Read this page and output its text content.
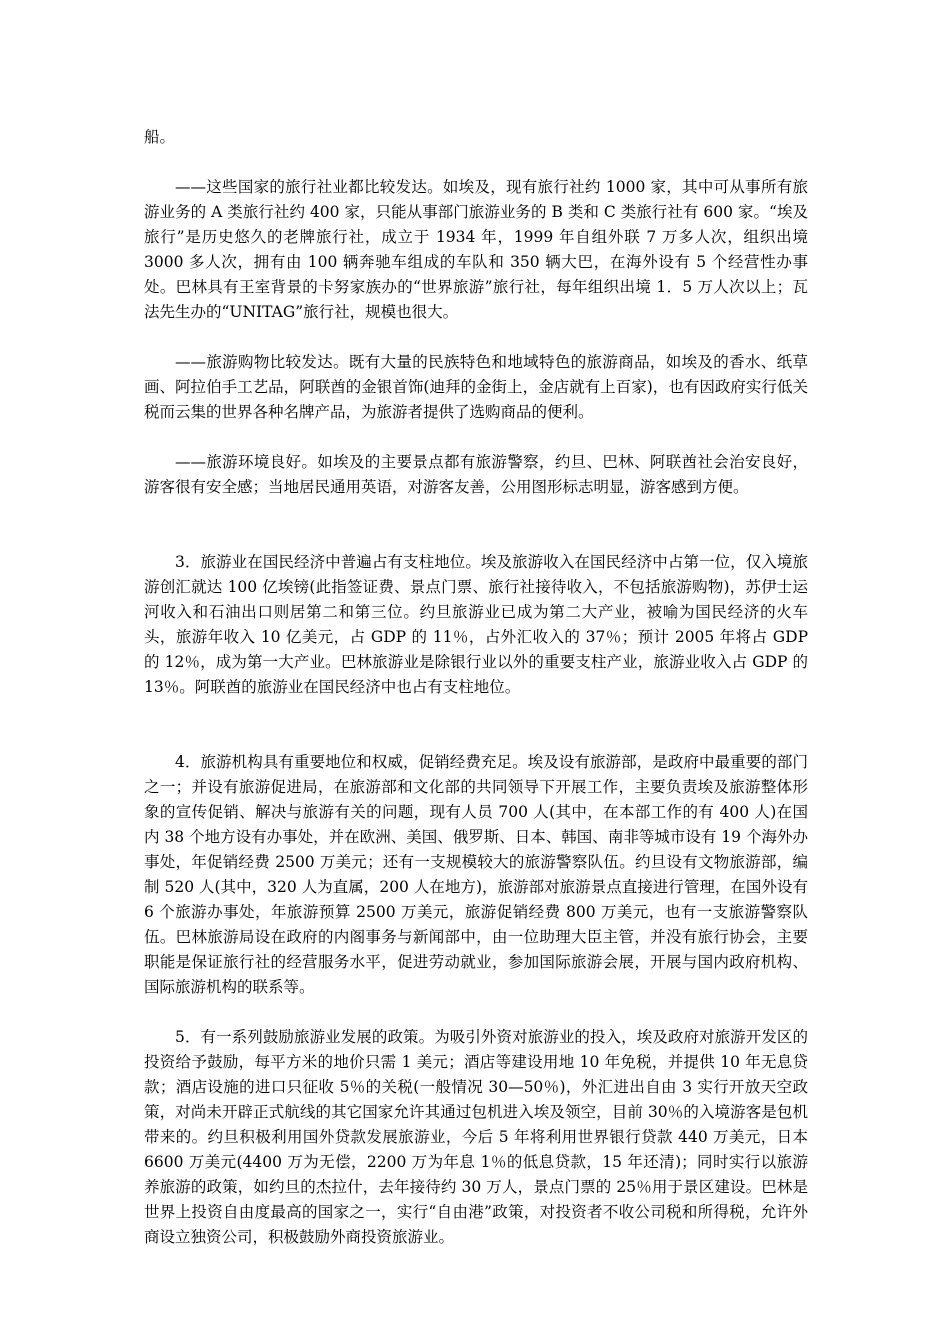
船。

——这些国家的旅行社业都比较发达。如埃及，现有旅行社约 1000 家，其中可从事所有旅游业务的 A 类旅行社约 400 家，只能从事部门旅游业务的 B 类和 C 类旅行社有 600 家。“埃及旅行”是历史悠久的老牌旅行社，成立于 1934 年，1999 年自组外联 7 万多人次，组织出境 3000 多人次，拥有由 100 辆奔驰车组成的车队和 350 辆大巴，在海外设有 5 个经营性办事处。巴林具有王室背景的卡努家族办的“世界旅游”旅行社，每年组织出境 1．5 万人次以上；瓦法先生办的“UNITAG”旅行社，规模也很大。

——旅游购物比较发达。既有大量的民族特色和地域特色的旅游商品，如埃及的香水、纸草画、阿拉伯手工艺品，阿联酋的金银首饰(迪拜的金街上，金店就有上百家)，也有因政府实行低关税而云集的世界各种名牌产品，为旅游者提供了选购商品的便利。

——旅游环境良好。如埃及的主要景点都有旅游警察，约旦、巴林、阿联酋社会治安良好，游客很有安全感；当地居民通用英语，对游客友善，公用图形标志明显，游客感到方便。

3．旅游业在国民经济中普遍占有支柱地位。埃及旅游收入在国民经济中占第一位，仅入境旅游创汇就达 100 亿埃镑(此指签证费、景点门票、旅行社接待收入，不包括旅游购物)，苏伊士运河收入和石油出口则居第二和第三位。约旦旅游业已成为第二大产业，被喻为国民经济的火车头，旅游年收入 10 亿美元，占 GDP 的 11％，占外汇收入的 37％；预计 2005 年将占 GDP 的 12％，成为第一大产业。巴林旅游业是除银行业以外的重要支柱产业，旅游业收入占 GDP 的 13％。阿联酋的旅游业在国民经济中也占有支柱地位。

4．旅游机构具有重要地位和权威，促销经费充足。埃及设有旅游部，是政府中最重要的部门之一；并设有旅游促进局，在旅游部和文化部的共同领导下开展工作，主要负责埃及旅游整体形象的宣传促销、解决与旅游有关的问题，现有人员 700 人(其中，在本部工作的有 400 人)在国内 38 个地方设有办事处，并在欧洲、美国、俄罗斯、日本、韩国、南非等城市设有 19 个海外办事处，年促销经费 2500 万美元；还有一支规模较大的旅游警察队伍。约旦设有文物旅游部，编制 520 人(其中，320 人为直属，200 人在地方)，旅游部对旅游景点直接进行管理，在国外设有 6 个旅游办事处，年旅游预算 2500 万美元，旅游促销经费 800 万美元，也有一支旅游警察队伍。巴林旅游局设在政府的内阁事务与新闻部中，由一位助理大臣主管，并没有旅行协会，主要职能是保证旅行社的经营服务水平，促进劳动就业，参加国际旅游会展，开展与国内政府机构、国际旅游机构的联系等。

5．有一系列鼓励旅游业发展的政策。为吸引外资对旅游业的投入，埃及政府对旅游开发区的投资给予鼓励，每平方米的地价只需 1 美元；酒店等建设用地 10 年免税，并提供 10 年无息贷款；酒店设施的进口只征收 5％的关税(一般情况 30—50％)，外汇进出自由 3 实行开放天空政策，对尚未开辟正式航线的其它国家允许其通过包机进入埃及领空，目前 30％的入境游客是包机带来的。约旦积极利用国外贷款发展旅游业，今后 5 年将利用世界银行贷款 440 万美元，日本 6600 万美元(4400 万为无偿，2200 万为年息 1％的低息贷款，15 年还清)；同时实行以旅游养旅游的政策，如约旦的杰拉什，去年接待约 30 万人，景点门票的 25％用于景区建设。巴林是世界上投资自由度最高的国家之一，实行“自由港”政策，对投资者不收公司税和所得税，允许外商设立独资公司，积极鼓励外商投资旅游业。
